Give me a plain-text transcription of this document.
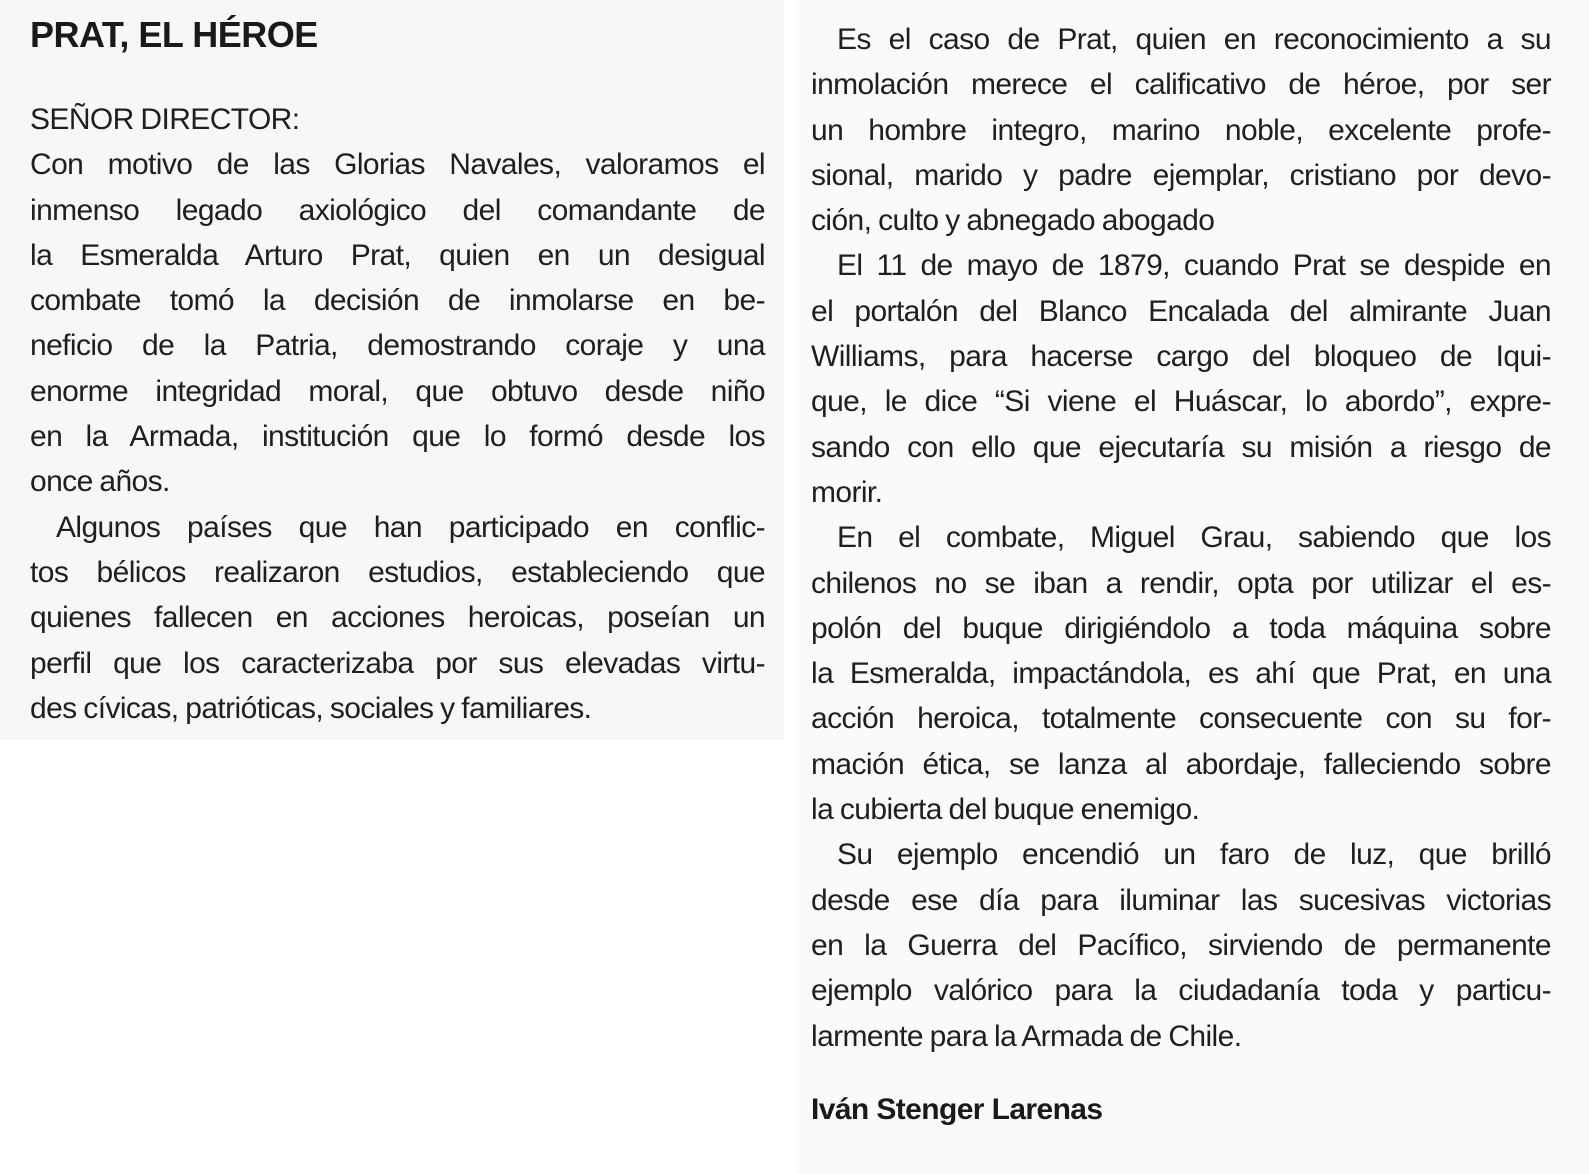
PRAT, EL HÉROE
SEÑOR DIRECTOR:
Con motivo de las Glorias Navales, valoramos el
inmenso legado axiológico del comandante de
la Esmeralda Arturo Prat, quien en un desigual
combate tomó la decisión de inmolarse en be-
neficio de la Patria, demostrando coraje y una
enorme integridad moral, que obtuvo desde niño
en la Armada, institución que lo formó desde los
once años.
Algunos países que han participado en conflic-
tos bélicos realizaron estudios, estableciendo que
quienes fallecen en acciones heroicas, poseían un
perfil que los caracterizaba por sus elevadas virtu-
des cívicas, patrióticas, sociales y familiares.
Es el caso de Prat, quien en reconocimiento a su
inmolación merece el calificativo de héroe, por ser
un hombre integro, marino noble, excelente profe-
sional, marido y padre ejemplar, cristiano por devo-
ción, culto y abnegado abogado
El 11 de mayo de 1879, cuando Prat se despide en
el portalón del Blanco Encalada del almirante Juan
Williams, para hacerse cargo del bloqueo de Iqui-
que, le dice “Si viene el Huáscar, lo abordo”, expre-
sando con ello que ejecutaría su misión a riesgo de
morir.
En el combate, Miguel Grau, sabiendo que los
chilenos no se iban a rendir, opta por utilizar el es-
polón del buque dirigiéndolo a toda máquina sobre
la Esmeralda, impactándola, es ahí que Prat, en una
acción heroica, totalmente consecuente con su for-
mación ética, se lanza al abordaje, falleciendo sobre
la cubierta del buque enemigo.
Su ejemplo encendió un faro de luz, que brilló
desde ese día para iluminar las sucesivas victorias
en la Guerra del Pacífico, sirviendo de permanente
ejemplo valórico para la ciudadanía toda y particu-
larmente para la Armada de Chile.
Iván Stenger Larenas
